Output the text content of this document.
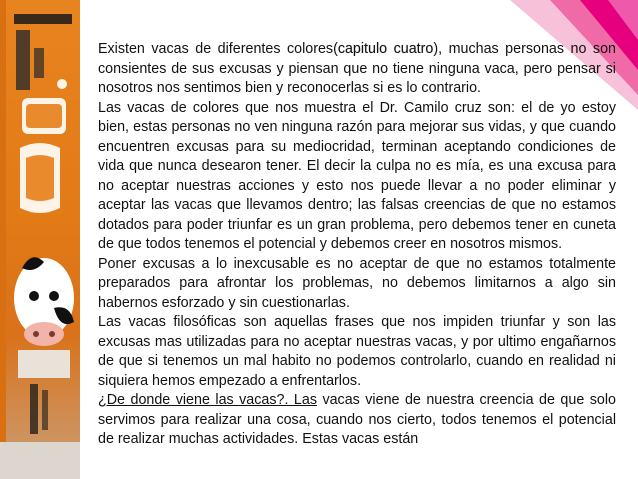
Existen vacas de diferentes colores(capitulo cuatro), muchas personas no son consientes de sus excusas y piensan que no tiene ninguna vaca, pero pensar si nosotros nos sentimos bien y reconocerlas si es lo contrario.

Las vacas de colores que nos muestra el Dr. Camilo cruz son: el de yo estoy bien, estas personas no ven ninguna razón para mejorar sus vidas, y que cuando encuentren excusas para su mediocridad, terminan aceptando condiciones de vida que nunca desearon tener. El decir la culpa no es mía, es una excusa para no aceptar nuestras acciones y esto nos puede llevar a no poder eliminar y aceptar las vacas que llevamos dentro; las falsas creencias de que no estamos dotados para poder triunfar es un gran problema, pero debemos tener en cuneta de que todos tenemos el potencial y debemos creer en nosotros mismos.

Poner excusas a lo inexcusable es no aceptar de que no estamos totalmente preparados para afrontar los problemas, no debemos limitarnos a algo sin habernos esforzado y sin cuestionarlas.

Las vacas filosóficas son aquellas frases que nos impiden triunfar y son las excusas mas utilizadas para no aceptar nuestras vacas, y por ultimo engañarnos de que si tenemos un mal habito no podemos controlarlo, cuando en realidad ni siquiera hemos empezado a enfrentarlos.

¿De donde viene las vacas?. Las vacas viene de nuestra creencia de que solo servimos para realizar una cosa, cuando nos cierto, todos tenemos el potencial de realizar muchas actividades. Estas vacas están
